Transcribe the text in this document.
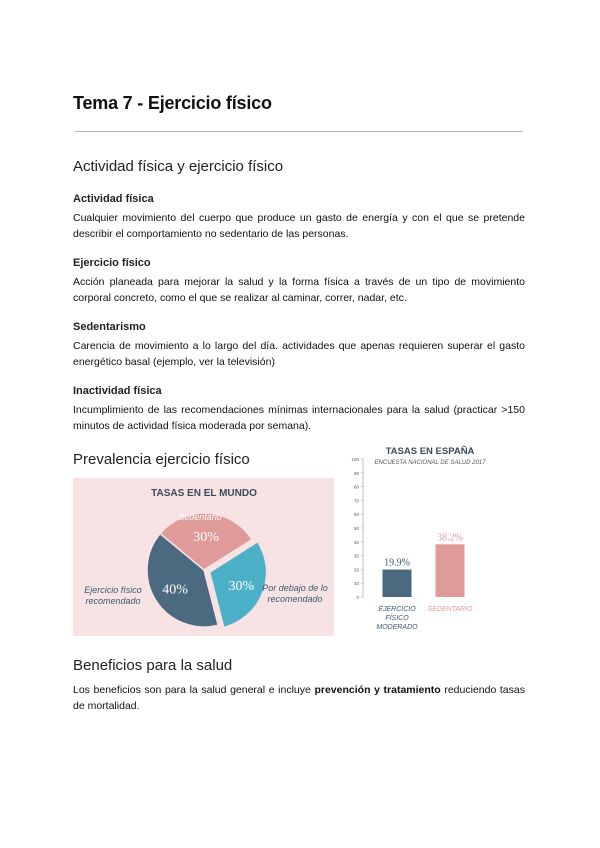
Tema 7 - Ejercicio físico
Actividad física y ejercicio físico
Actividad física
Cualquier movimiento del cuerpo que produce un gasto de energía y con el que se pretende describir el comportamiento no sedentario de las personas.
Ejercicio físico
Acción planeada para mejorar la salud y la forma física a través de un tipo de movimiento corporal concreto, como el que se realizar al caminar, correr, nadar, etc.
Sedentarismo
Carencia de movimiento a lo largo del día. actividades que apenas requieren superar el gasto energético basal (ejemplo, ver la televisión)
Inactividad física
Incumplimiento de las recomendaciones mínimas internacionales para la salud (practicar >150 minutos de actividad física moderada por semana).
Prevalencia ejercicio físico
TASAS EN EL MUNDO
30%
30%
40%
Sedentario
Por debajo de lo recomendado
Ejercicio físico recomendado
TASAS EN ESPAÑA
ENCUESTA NACIONAL DE SALUD 2017
0
10
20
30
40
50
60
70
80
90
100
19.9%
EJERCICIO FÍSICO MODERADO
38.2%
SEDENTARIO
Beneficios para la salud
Los beneficios son para la salud general e incluye prevención y tratamiento reduciendo tasas de mortalidad.
